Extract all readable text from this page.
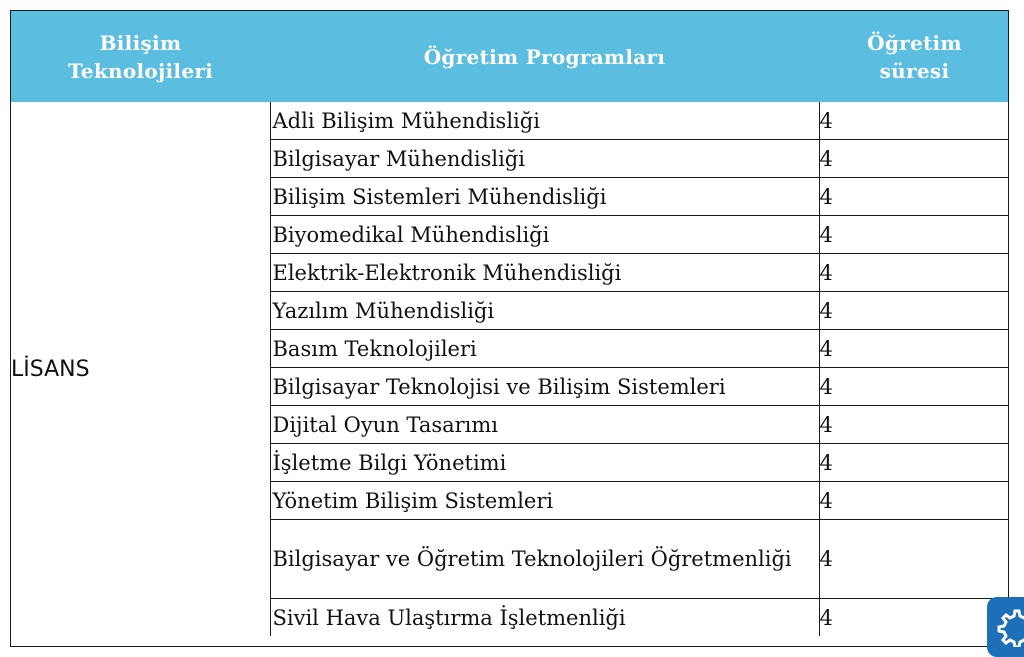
Bilişim Teknolojileri	Öğretim Programları	Öğretim süresi

LİSANS	Adli Bilişim Mühendisliği	4
	Bilgisayar Mühendisliği	4
	Bilişim Sistemleri Mühendisliği	4
	Biyomedikal Mühendisliği	4
	Elektrik-Elektronik Mühendisliği	4
	Yazılım Mühendisliği	4
	Basım Teknolojileri	4
	Bilgisayar Teknolojisi ve Bilişim Sistemleri	4
	Dijital Oyun Tasarımı	4
	İşletme Bilgi Yönetimi	4
	Yönetim Bilişim Sistemleri	4
	Bilgisayar ve Öğretim Teknolojileri Öğretmenliği	4
	Sivil Hava Ulaştırma İşletmenliği	4
